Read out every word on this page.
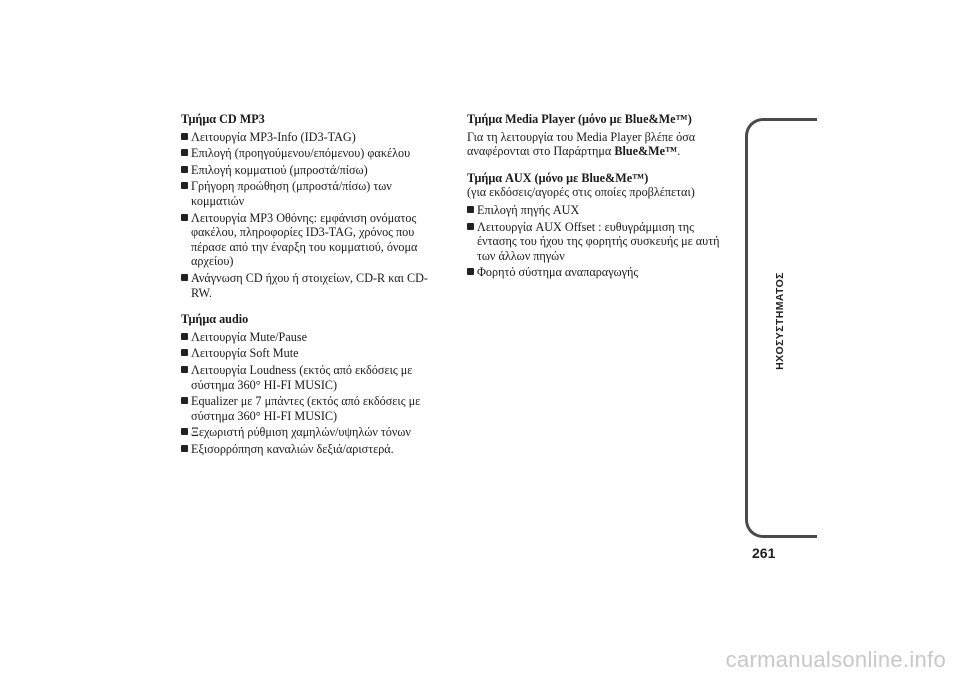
Τμήμα CD MP3
Λειτουργία MP3-Info (ID3-TAG)
Επιλογή (προηγούμενου/επόμενου) φακέλου
Επιλογή κομματιού (μπροστά/πίσω)
Γρήγορη προώθηση (μπροστά/πίσω) των κομματιών
Λειτουργία MP3 Οθόνης: εμφάνιση ονόματος φακέλου, πληροφορίες ID3-TAG, χρόνος που πέρασε από την έναρξη του κομματιού, όνομα αρχείου)
Ανάγνωση CD ήχου ή στοιχείων, CD-R και CD-RW.
Τμήμα audio
Λειτουργία Mute/Pause
Λειτουργία Soft Mute
Λειτουργία Loudness (εκτός από εκδόσεις με σύστημα 360° HI-FI MUSIC)
Equalizer με 7 μπάντες (εκτός από εκδόσεις με σύστημα 360° HI-FI MUSIC)
Ξεχωριστή ρύθμιση χαμηλών/υψηλών τόνων
Εξισορρόπηση καναλιών δεξιά/αριστερά.
Τμήμα Media Player (μόνο με Blue&Me™)
Για τη λειτουργία του Media Player βλέπε όσα αναφέρονται στο Παράρτημα Blue&Me™.
Τμήμα AUX (μόνο με Blue&Me™)
(για εκδόσεις/αγορές στις οποίες προβλέπεται)
Επιλογή πηγής AUX
Λειτουργία AUX Offset : ευθυγράμμιση της έντασης του ήχου της φορητής συσκευής με αυτή των άλλων πηγών
Φορητό σύστημα αναπαραγωγής	ΗΧΟΣΥΣΤΗΜΑΤΟΣ
261
carmanualsonline.info
